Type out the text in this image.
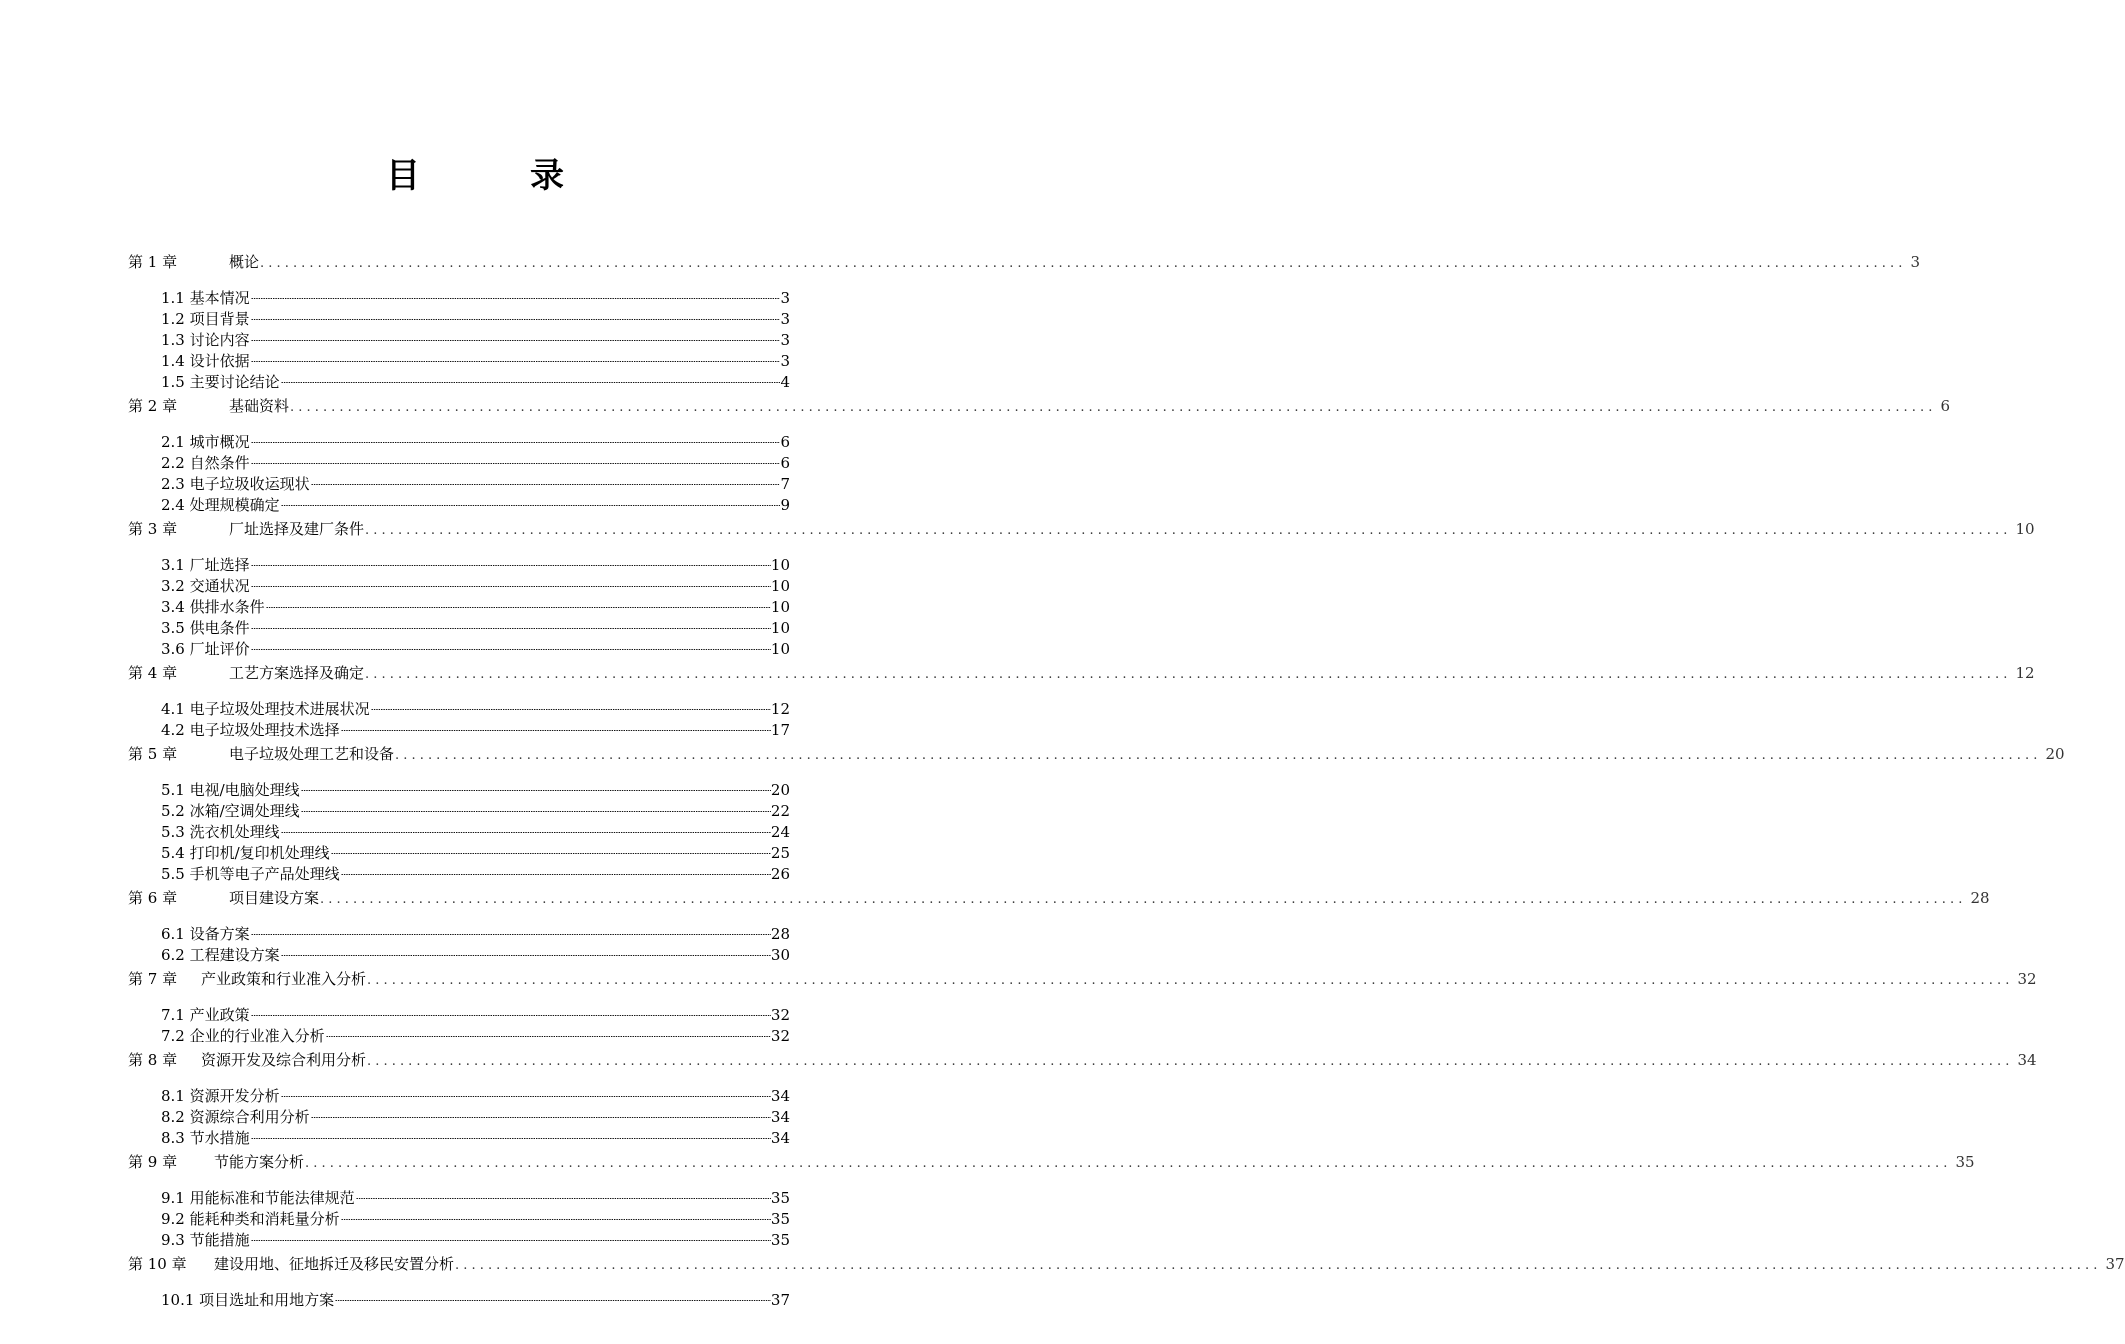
目　录
第 1 章	概论 ........................................................................................................................................................................................................ 3
1.1 基本情况	3
1.2 项目背景	3
1.3 讨论内容	3
1.4 设计依据	3
1.5 主要讨论结论	4
第 2 章	基础资料 ........................................................................................................................................................................................................ 6
2.1 城市概况	6
2.2 自然条件	6
2.3 电子垃圾收运现状	7
2.4 处理规模确定	9
第 3 章	厂址选择及建厂条件 ........................................................................................................................................................................................................ 10
3.1 厂址选择	10
3.2 交通状况	10
3.4 供排水条件	10
3.5 供电条件	10
3.6 厂址评价	10
第 4 章	工艺方案选择及确定 ........................................................................................................................................................................................................ 12
4.1 电子垃圾处理技术进展状况	12
4.2 电子垃圾处理技术选择	17
第 5 章	电子垃圾处理工艺和设备 ........................................................................................................................................................................................................ 20
5.1 电视/电脑处理线	20
5.2 冰箱/空调处理线	22
5.3 洗衣机处理线	24
5.4 打印机/复印机处理线	25
5.5 手机等电子产品处理线	26
第 6 章	项目建设方案 ........................................................................................................................................................................................................ 28
6.1 设备方案	28
6.2 工程建设方案	30
第 7 章	产业政策和行业准入分析 ........................................................................................................................................................................................................ 32
7.1 产业政策	32
7.2 企业的行业准入分析	32
第 8 章	资源开发及综合利用分析 ........................................................................................................................................................................................................ 34
8.1 资源开发分析	34
8.2 资源综合利用分析	34
8.3 节水措施	34
第 9 章	节能方案分析 ........................................................................................................................................................................................................ 35
9.1 用能标准和节能法律规范	35
9.2 能耗种类和消耗量分析	35
9.3 节能措施	35
第 10 章	建设用地、征地拆迁及移民安置分析 ........................................................................................................................................................................................................ 37
10.1 项目选址和用地方案	37
